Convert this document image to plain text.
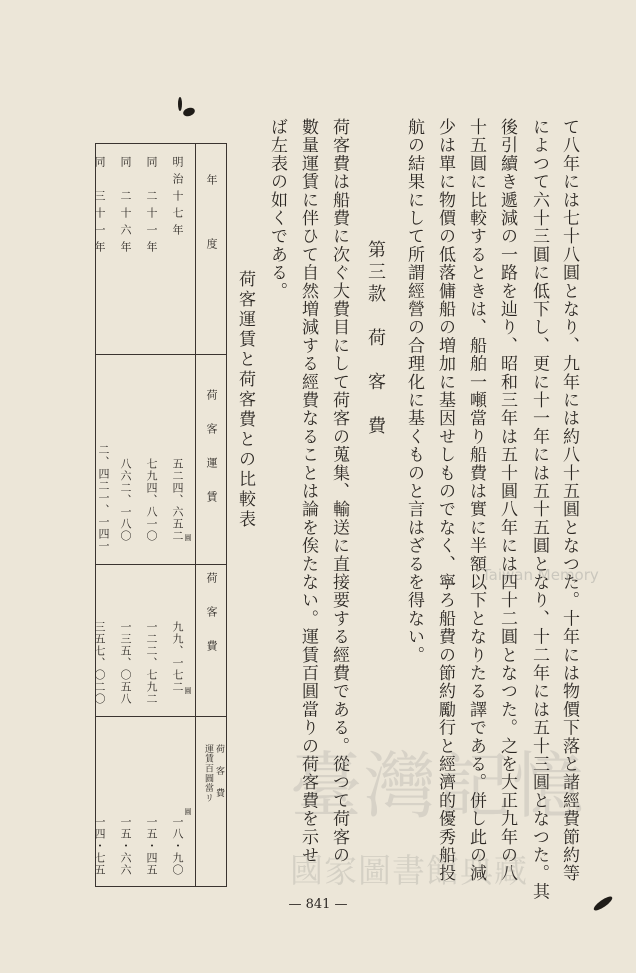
て八年には七十八圓となり、九年には約八十五圓となつた。十年には物價下落と諸經費節約等
によつて六十三圓に低下し、更に十一年には五十五圓となり、十二年には五十三圓となつた。其
後引續き遞減の一路を辿り、昭和三年は五十圓八年には四十二圓となつた。之を大正九年の八
十五圓に比較するときは、船舶一噸當り船費は實に半額以下となりたる譯である。併し此の減
少は單に物價の低落傭船の増加に基因せしものでなく、寧ろ船費の節約勵行と經濟的優秀船投
航の結果にして所謂經營の合理化に基くものと言はざるを得ない。
第三款　荷　客　費
荷客費は船費に次ぐ大費目にして荷客の蒐集、輸送に直接要する經費である。從つて荷客の
數量運賃に伴ひて自然増減する經費なることは論を俟たない。運賃百圓當りの荷客費を示せ
ば左表の如くである。
荷客運賃と荷客費との比較表
年　　　度
荷 客 運 賃
荷 客 費
運賃百圓當リ 荷　客　費
明治十七年
同　二十一年
同　二十六年
同　三十一年
圓
五二四、六五二
七九四、八一〇
八六二、一八〇
二、四二一、一四一
圓
九九、一七二
一二二、七九二
一三五、〇五八
三五七、〇二〇
圓
一八・九〇
一五・四五
一五・六六
一四・七五
臺灣記憶
國家圖書館典藏
Taiwan Memory
— 841 —
